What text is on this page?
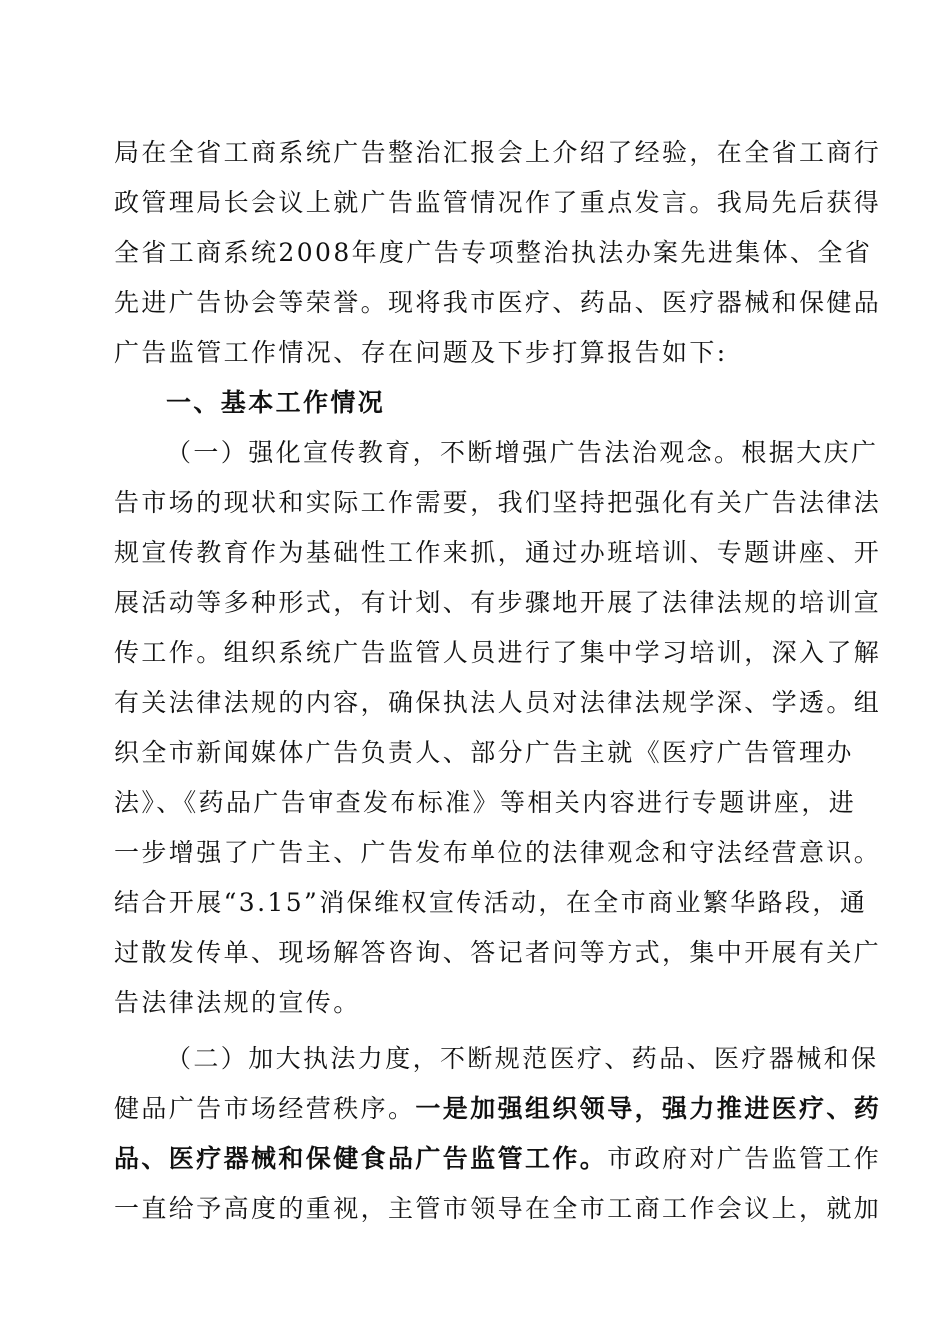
局在全省工商系统广告整治汇报会上介绍了经验，在全省工商行
政管理局长会议上就广告监管情况作了重点发言。我局先后获得
全省工商系统2008年度广告专项整治执法办案先进集体、全省
先进广告协会等荣誉。现将我市医疗、药品、医疗器械和保健品
广告监管工作情况、存在问题及下步打算报告如下:
一、基本工作情况
（一）强化宣传教育，不断增强广告法治观念。根据大庆广
告市场的现状和实际工作需要，我们坚持把强化有关广告法律法
规宣传教育作为基础性工作来抓，通过办班培训、专题讲座、开
展活动等多种形式，有计划、有步骤地开展了法律法规的培训宣
传工作。组织系统广告监管人员进行了集中学习培训，深入了解
有关法律法规的内容，确保执法人员对法律法规学深、学透。组
织全市新闻媒体广告负责人、部分广告主就《医疗广告管理办
法》、《药品广告审查发布标准》等相关内容进行专题讲座，进
一步增强了广告主、广告发布单位的法律观念和守法经营意识。
结合开展“3.15”消保维权宣传活动，在全市商业繁华路段，通
过散发传单、现场解答咨询、答记者问等方式，集中开展有关广
告法律法规的宣传。
（二）加大执法力度，不断规范医疗、药品、医疗器械和保
健品广告市场经营秩序。一是加强组织领导，强力推进医疗、药
品、医疗器械和保健食品广告监管工作。市政府对广告监管工作
一直给予高度的重视，主管市领导在全市工商工作会议上，就加
